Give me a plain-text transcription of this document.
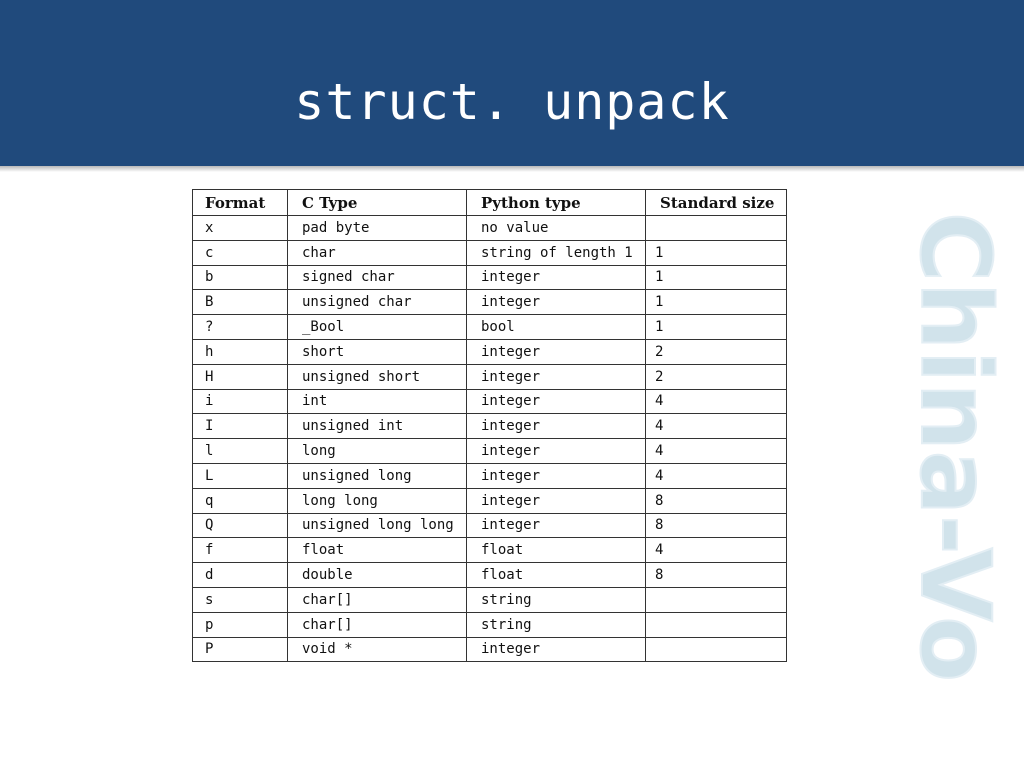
struct. unpack
Format	C Type	Python type	Standard size
x	pad byte	no value	
c	char	string of length 1	1
b	signed char	integer	1
B	unsigned char	integer	1
?	_Bool	bool	1
h	short	integer	2
H	unsigned short	integer	2
i	int	integer	4
I	unsigned int	integer	4
l	long	integer	4
L	unsigned long	integer	4
q	long long	integer	8
Q	unsigned long long	integer	8
f	float	float	4
d	double	float	8
s	char[]	string	
p	char[]	string	
P	void *	integer		China-Vo
